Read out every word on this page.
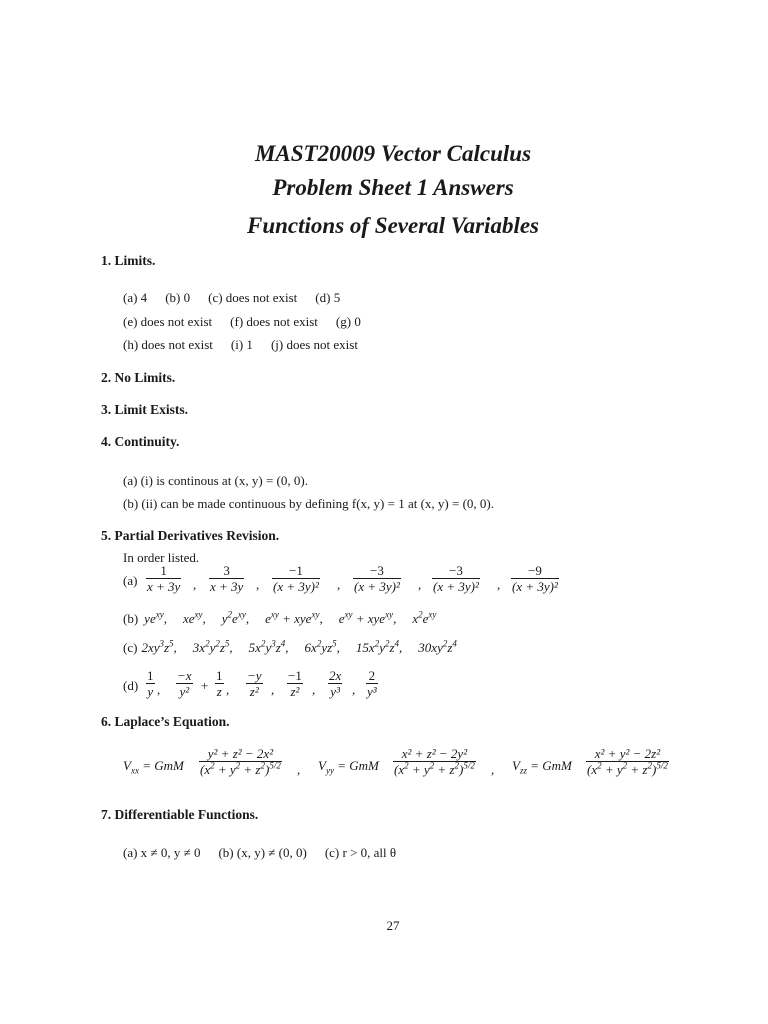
MAST20009 Vector Calculus
Problem Sheet 1 Answers
Functions of Several Variables
1. Limits.
(a) 4 (b) 0 (c) does not exist (d) 5
(e) does not exist (f) does not exist (g) 0
(h) does not exist (i) 1 (j) does not exist
2. No Limits.
3. Limit Exists.
4. Continuity.
(a) (i) is continous at (x, y) = (0, 0).
(b) (ii) can be made continuous by defining f(x, y) = 1 at (x, y) = (0, 0).
5. Partial Derivatives Revision.
In order listed.
(a)
1
x + 3y ,
3
x + 3y ,
−1
(x + 3y)² ,
−3
(x + 3y)² ,
−3
(x + 3y)² ,
−9
(x + 3y)²
(b) $ye^{xy}$, $xe^{xy}$, $y^2e^{xy}$, $e^{xy} + xye^{xy}$, $e^{xy} + xye^{xy}$, $x^2e^{xy}$
(c) $2xy^3z^5$, $3x^2y^2z^5$, $5x^2y^3z^4$, $6x^2yz^5$, $15x^2y^2z^4$, $30xy^2z^4$
(d)
1
y ,
−x
y² +
1
z ,
−y
z² ,
−1
z² ,
2x
y³ ,
2
y³
6. Laplace’s Equation.
$V_{xx}$ = GmM
y² + z² − 2x²
$(x^2 + y^2 + z^2)^{5/2}$ , $V_{yy}$ = GmM
x² + z² − 2y²
$(x^2 + y^2 + z^2)^{5/2}$ , $V_{zz}$ = GmM
x² + y² − 2z²
$(x^2 + y^2 + z^2)^{5/2}$
7. Differentiable Functions.
(a) x ≠ 0, y ≠ 0 (b) (x, y) ≠ (0, 0) (c) r > 0, all θ
27
